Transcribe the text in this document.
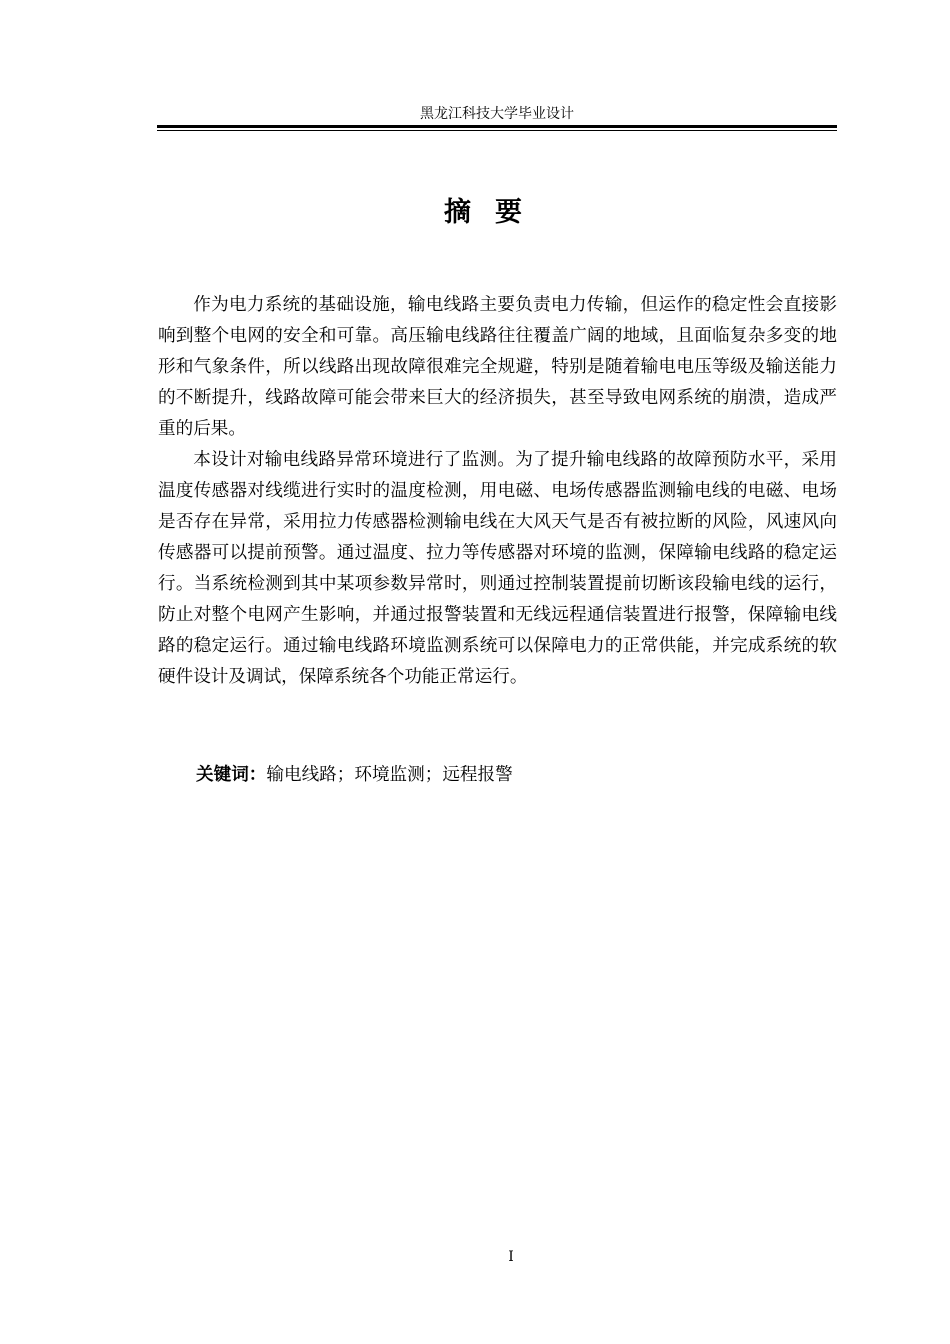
黑龙江科技大学毕业设计
摘要

作为电力系统的基础设施，输电线路主要负责电力传输，但运作的稳定性会直接影响到整个电网的安全和可靠。高压输电线路往往覆盖广阔的地域，且面临复杂多变的地形和气象条件，所以线路出现故障很难完全规避，特别是随着输电电压等级及输送能力的不断提升，线路故障可能会带来巨大的经济损失，甚至导致电网系统的崩溃，造成严重的后果。

本设计对输电线路异常环境进行了监测。为了提升输电线路的故障预防水平，采用温度传感器对线缆进行实时的温度检测，用电磁、电场传感器监测输电线的电磁、电场是否存在异常，采用拉力传感器检测输电线在大风天气是否有被拉断的风险，风速风向传感器可以提前预警。通过温度、拉力等传感器对环境的监测，保障输电线路的稳定运行。当系统检测到其中某项参数异常时，则通过控制装置提前切断该段输电线的运行，防止对整个电网产生影响，并通过报警装置和无线远程通信装置进行报警，保障输电线路的稳定运行。通过输电线路环境监测系统可以保障电力的正常供能，并完成系统的软硬件设计及调试，保障系统各个功能正常运行。

关键词：输电线路；环境监测；远程报警
I
